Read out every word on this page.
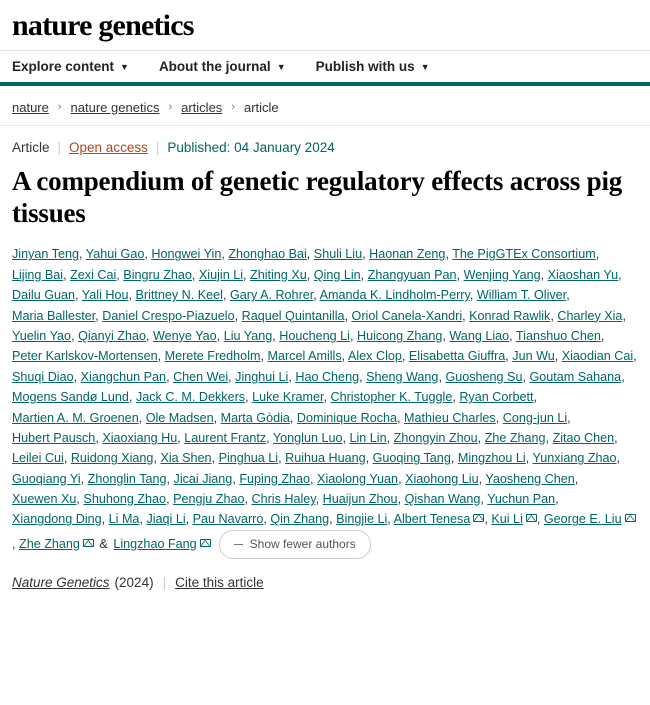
nature genetics
Explore content ▼ About the journal ▼ Publish with us ▼
nature › nature genetics › articles › article
Article | Open access | Published: 04 January 2024
A compendium of genetic regulatory effects across pig tissues
Jinyan Teng, Yahui Gao, Hongwei Yin, Zhonghao Bai, Shuli Liu, Haonan Zeng, The PigGTEx Consortium, Lijing Bai, Zexi Cai, Bingru Zhao, Xiujin Li, Zhiting Xu, Qing Lin, Zhangyuan Pan, Wenjing Yang, Xiaoshan Yu, Dailu Guan, Yali Hou, Brittney N. Keel, Gary A. Rohrer, Amanda K. Lindholm-Perry, William T. Oliver, Maria Ballester, Daniel Crespo-Piazuelo, Raquel Quintanilla, Oriol Canela-Xandri, Konrad Rawlik, Charley Xia, Yuelin Yao, Qianyi Zhao, Wenye Yao, Liu Yang, Houcheng Li, Huicong Zhang, Wang Liao, Tianshuo Chen, Peter Karlskov-Mortensen, Merete Fredholm, Marcel Amills, Alex Clop, Elisabetta Giuffra, Jun Wu, Xiaodian Cai, Shuqi Diao, Xiangchun Pan, Chen Wei, Jinghui Li, Hao Cheng, Sheng Wang, Guosheng Su, Goutam Sahana, Mogens Sandø Lund, Jack C. M. Dekkers, Luke Kramer, Christopher K. Tuggle, Ryan Corbett, Martien A. M. Groenen, Ole Madsen, Marta Gòdia, Dominique Rocha, Mathieu Charles, Cong-jun Li, Hubert Pausch, Xiaoxiang Hu, Laurent Frantz, Yonglun Luo, Lin Lin, Zhongyin Zhou, Zhe Zhang, Zitao Chen, Leilei Cui, Ruidong Xiang, Xia Shen, Pinghua Li, Ruihua Huang, Guoqing Tang, Mingzhou Li, Yunxiang Zhao, Guoqiang Yi, Zhonglin Tang, Jicai Jiang, Fuping Zhao, Xiaolong Yuan, Xiaohong Liu, Yaosheng Chen, Xuewen Xu, Shuhong Zhao, Pengju Zhao, Chris Haley, Huaijun Zhou, Qishan Wang, Yuchun Pan, Xiangdong Ding, Li Ma, Jiaqi Li, Pau Navarro, Qin Zhang, Bingjie Li, Albert Tenesa , Kui Li , George E. Liu, Zhe Zhang & Lingzhao Fang	Show fewer authors
Nature Genetics (2024) | Cite this article
